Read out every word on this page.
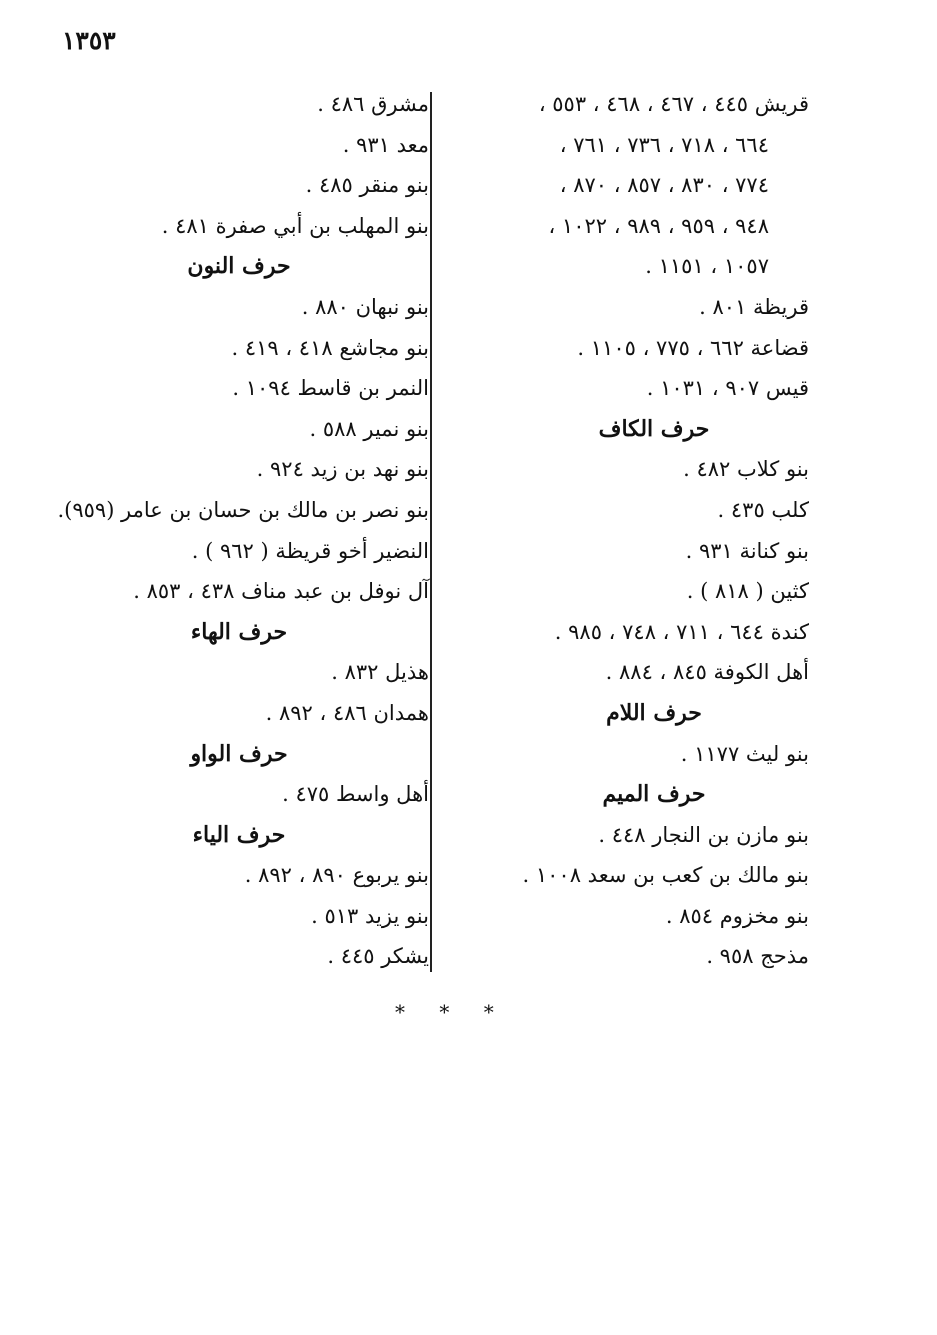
١٣٥٣
قريش ٤٤٥ ، ٤٦٧ ، ٤٦٨ ، ٥٥٣ ،
٦٦٤ ، ٧١٨ ، ٧٣٦ ، ٧٦١ ،
٧٧٤ ، ٨٣٠ ، ٨٥٧ ، ٨٧٠ ،
٩٤٨ ، ٩٥٩ ، ٩٨٩ ، ١٠٢٢ ،
١٠٥٧ ، ١١٥١ .
قريظة ٨٠١ .
قضاعة ٦٦٢ ، ٧٧٥ ، ١١٠٥ .
قيس ٩٠٧ ، ١٠٣١ .
حرف الكاف
بنو كلاب ٤٨٢ .
كلب ٤٣٥ .
بنو كنانة ٩٣١ .
كثين ( ٨١٨ ) .
كندة ٦٤٤ ، ٧١١ ، ٧٤٨ ، ٩٨٥ .
أهل الكوفة ٨٤٥ ، ٨٨٤ .
حرف اللام
بنو ليث ١١٧٧ .
حرف الميم
بنو مازن بن النجار ٤٤٨ .
بنو مالك بن كعب بن سعد ١٠٠٨ .
بنو مخزوم ٨٥٤ .
مذحج ٩٥٨ .
مشرق ٤٨٦ .
معد ٩٣١ .
بنو منقر ٤٨٥ .
بنو المهلب بن أبي صفرة ٤٨١ .
حرف النون
بنو نبهان ٨٨٠ .
بنو مجاشع ٤١٨ ، ٤١٩ .
النمر بن قاسط ١٠٩٤ .
بنو نمير ٥٨٨ .
بنو نهد بن زيد ٩٢٤ .
بنو نصر بن مالك بن حسان بن عامر (٩٥٩).
النضير أخو قريظة ( ٩٦٢ ) .
آل نوفل بن عبد مناف ٤٣٨ ، ٨٥٣ .
حرف الهاء
هذيل ٨٣٢ .
همدان ٤٨٦ ، ٨٩٢ .
حرف الواو
أهل واسط ٤٧٥ .
حرف الياء
بنو يربوع ٨٩٠ ، ٨٩٢ .
بنو يزيد ٥١٣ .
يشكر ٤٤٥ .
* * *
